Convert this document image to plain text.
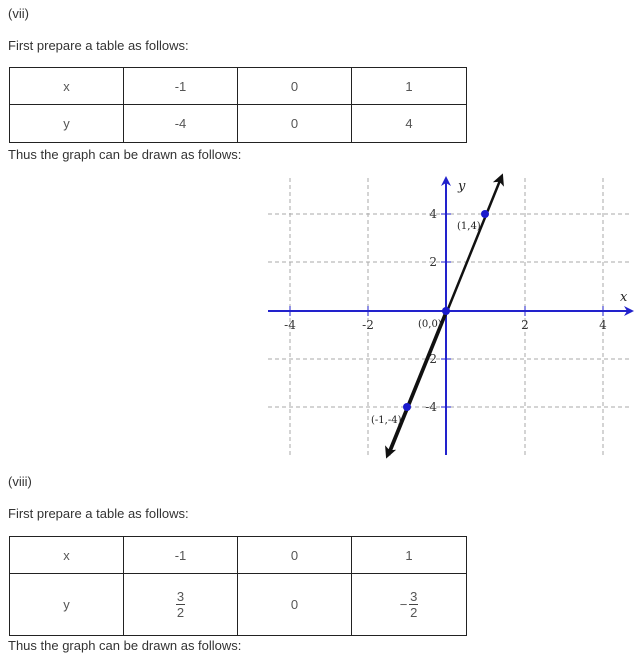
(vii)
First prepare a table as follows:
x	-1	0	1
y	-4	0	4
Thus the graph can be drawn as follows:
-4	-2	2	4
4
2
2
-4
y
x
(1,4)
(0,0)
(-1,-4)
(viii)
First prepare a table as follows:
x	-1	0	1
y	$\frac{3}{2}$	0	− $\frac{3}{2}$
Thus the graph can be drawn as follows:
